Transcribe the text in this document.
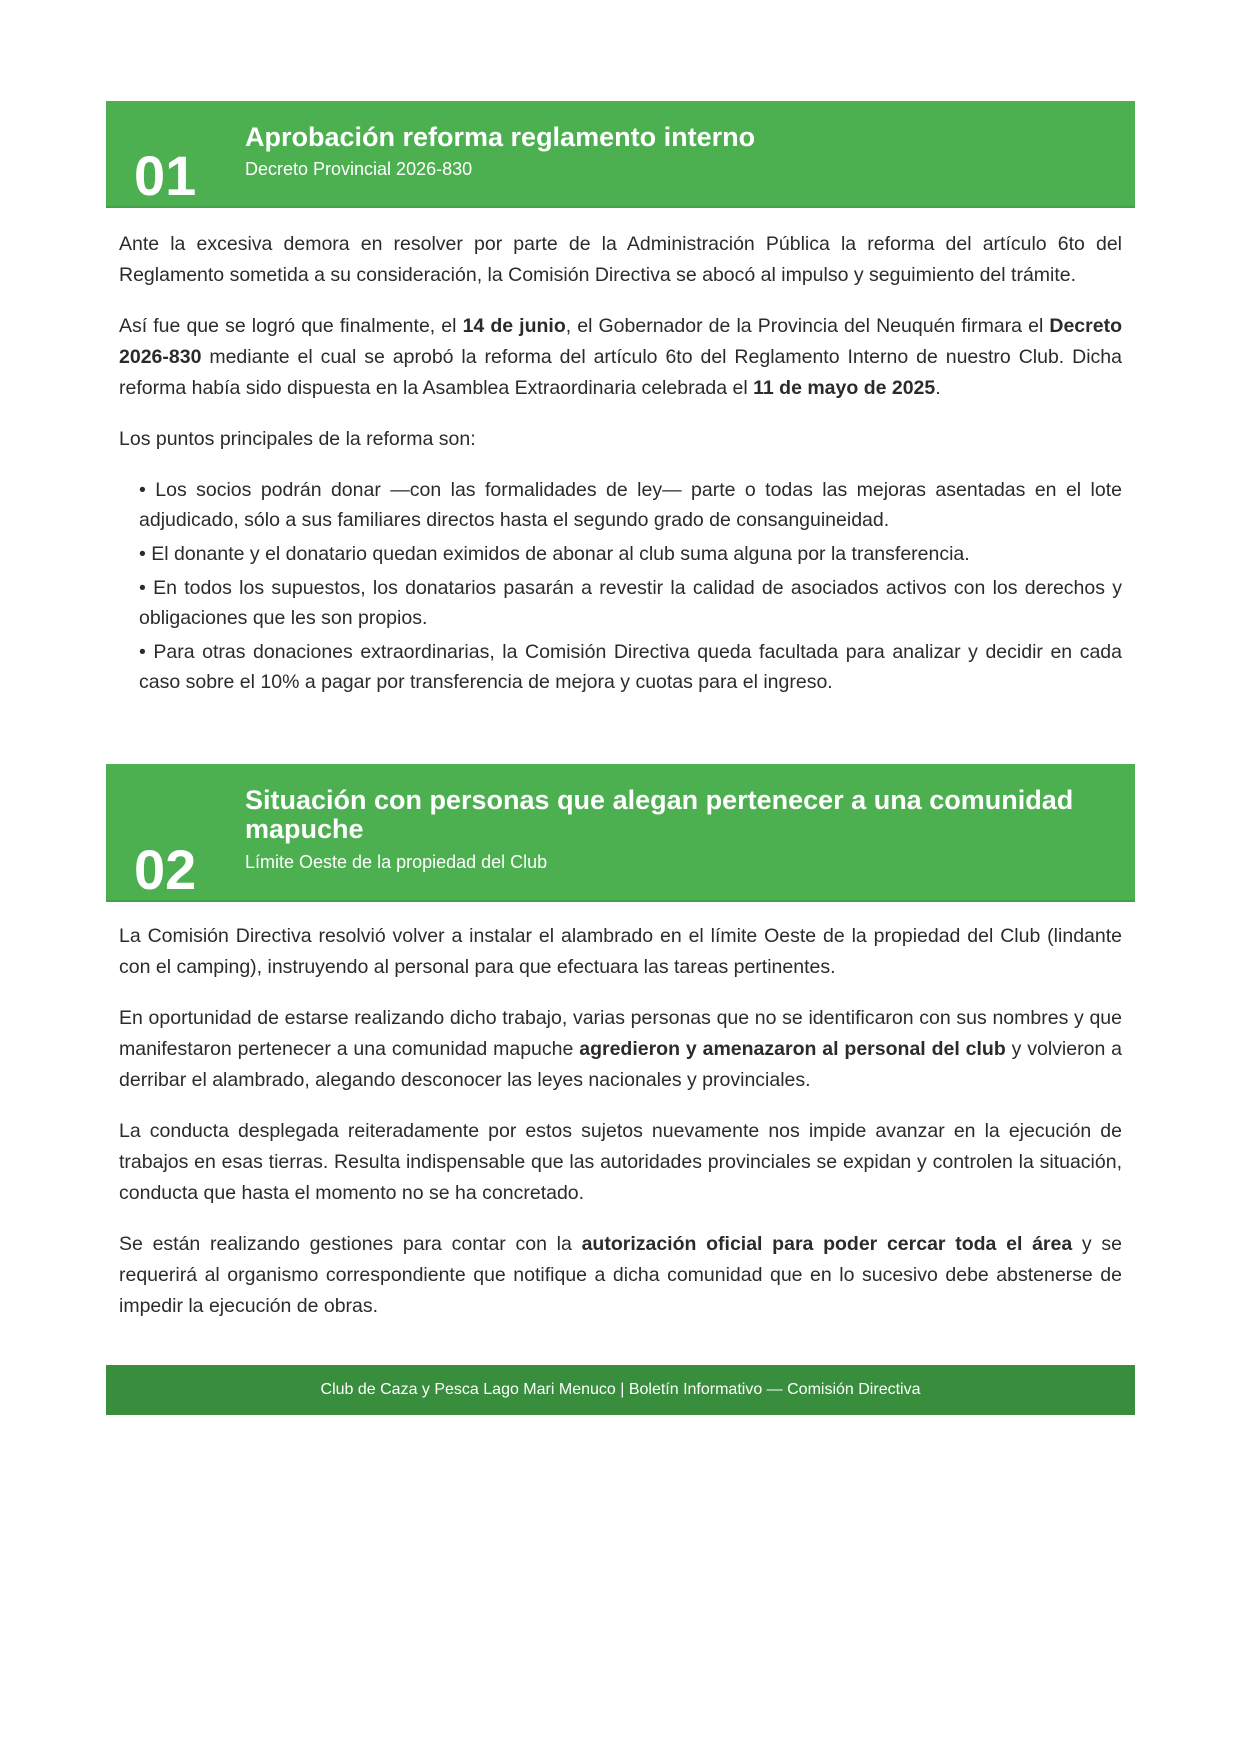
01
Aprobación reforma reglamento interno
Decreto Provincial 2026-830

Ante la excesiva demora en resolver por parte de la Administración Pública la reforma del artículo 6to del Reglamento sometida a su consideración, la Comisión Directiva se abocó al impulso y seguimiento del trámite.

Así fue que se logró que finalmente, el 14 de junio, el Gobernador de la Provincia del Neuquén firmara el Decreto 2026-830 mediante el cual se aprobó la reforma del artículo 6to del Reglamento Interno de nuestro Club. Dicha reforma había sido dispuesta en la Asamblea Extraordinaria celebrada el 11 de mayo de 2025.

Los puntos principales de la reforma son:

• Los socios podrán donar —con las formalidades de ley— parte o todas las mejoras asentadas en el lote adjudicado, sólo a sus familiares directos hasta el segundo grado de consanguineidad.
• El donante y el donatario quedan eximidos de abonar al club suma alguna por la transferencia.
• En todos los supuestos, los donatarios pasarán a revestir la calidad de asociados activos con los derechos y obligaciones que les son propios.
• Para otras donaciones extraordinarias, la Comisión Directiva queda facultada para analizar y decidir en cada caso sobre el 10% a pagar por transferencia de mejora y cuotas para el ingreso.
02
Situación con personas que alegan pertenecer a una comunidad mapuche
Límite Oeste de la propiedad del Club

La Comisión Directiva resolvió volver a instalar el alambrado en el límite Oeste de la propiedad del Club (lindante con el camping), instruyendo al personal para que efectuara las tareas pertinentes.

En oportunidad de estarse realizando dicho trabajo, varias personas que no se identificaron con sus nombres y que manifestaron pertenecer a una comunidad mapuche agredieron y amenazaron al personal del club y volvieron a derribar el alambrado, alegando desconocer las leyes nacionales y provinciales.

La conducta desplegada reiteradamente por estos sujetos nuevamente nos impide avanzar en la ejecución de trabajos en esas tierras. Resulta indispensable que las autoridades provinciales se expidan y controlen la situación, conducta que hasta el momento no se ha concretado.

Se están realizando gestiones para contar con la autorización oficial para poder cercar toda el área y se requerirá al organismo correspondiente que notifique a dicha comunidad que en lo sucesivo debe abstenerse de impedir la ejecución de obras.

Club de Caza y Pesca Lago Mari Menuco | Boletín Informativo — Comisión Directiva
